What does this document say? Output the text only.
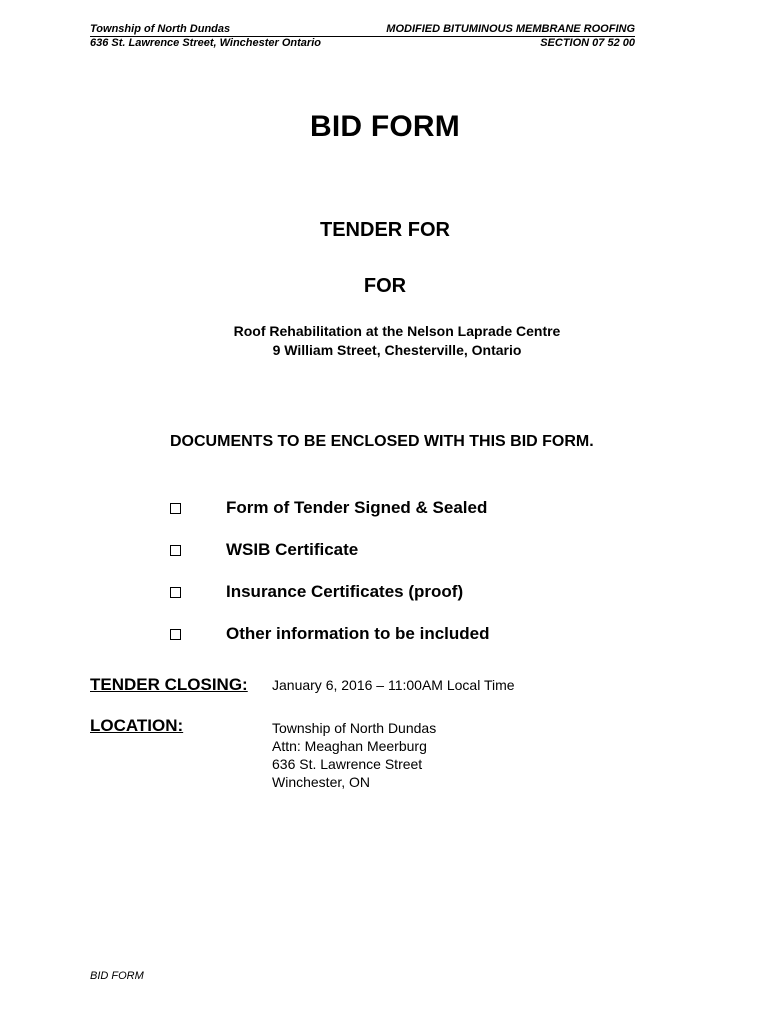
Township of North Dundas	MODIFIED BITUMINOUS MEMBRANE ROOFING
636 St. Lawrence Street, Winchester Ontario	SECTION 07 52 00
BID FORM
TENDER FOR
FOR
Roof Rehabilitation at the Nelson Laprade Centre
9 William Street, Chesterville, Ontario
DOCUMENTS TO BE ENCLOSED WITH THIS BID FORM.
Form of Tender Signed & Sealed
WSIB Certificate
Insurance Certificates (proof)
Other information to be included
TENDER CLOSING: January 6, 2016 – 11:00AM Local Time
LOCATION:	Township of North Dundas
Attn: Meaghan Meerburg
636 St. Lawrence Street
Winchester, ON
BID FORM
